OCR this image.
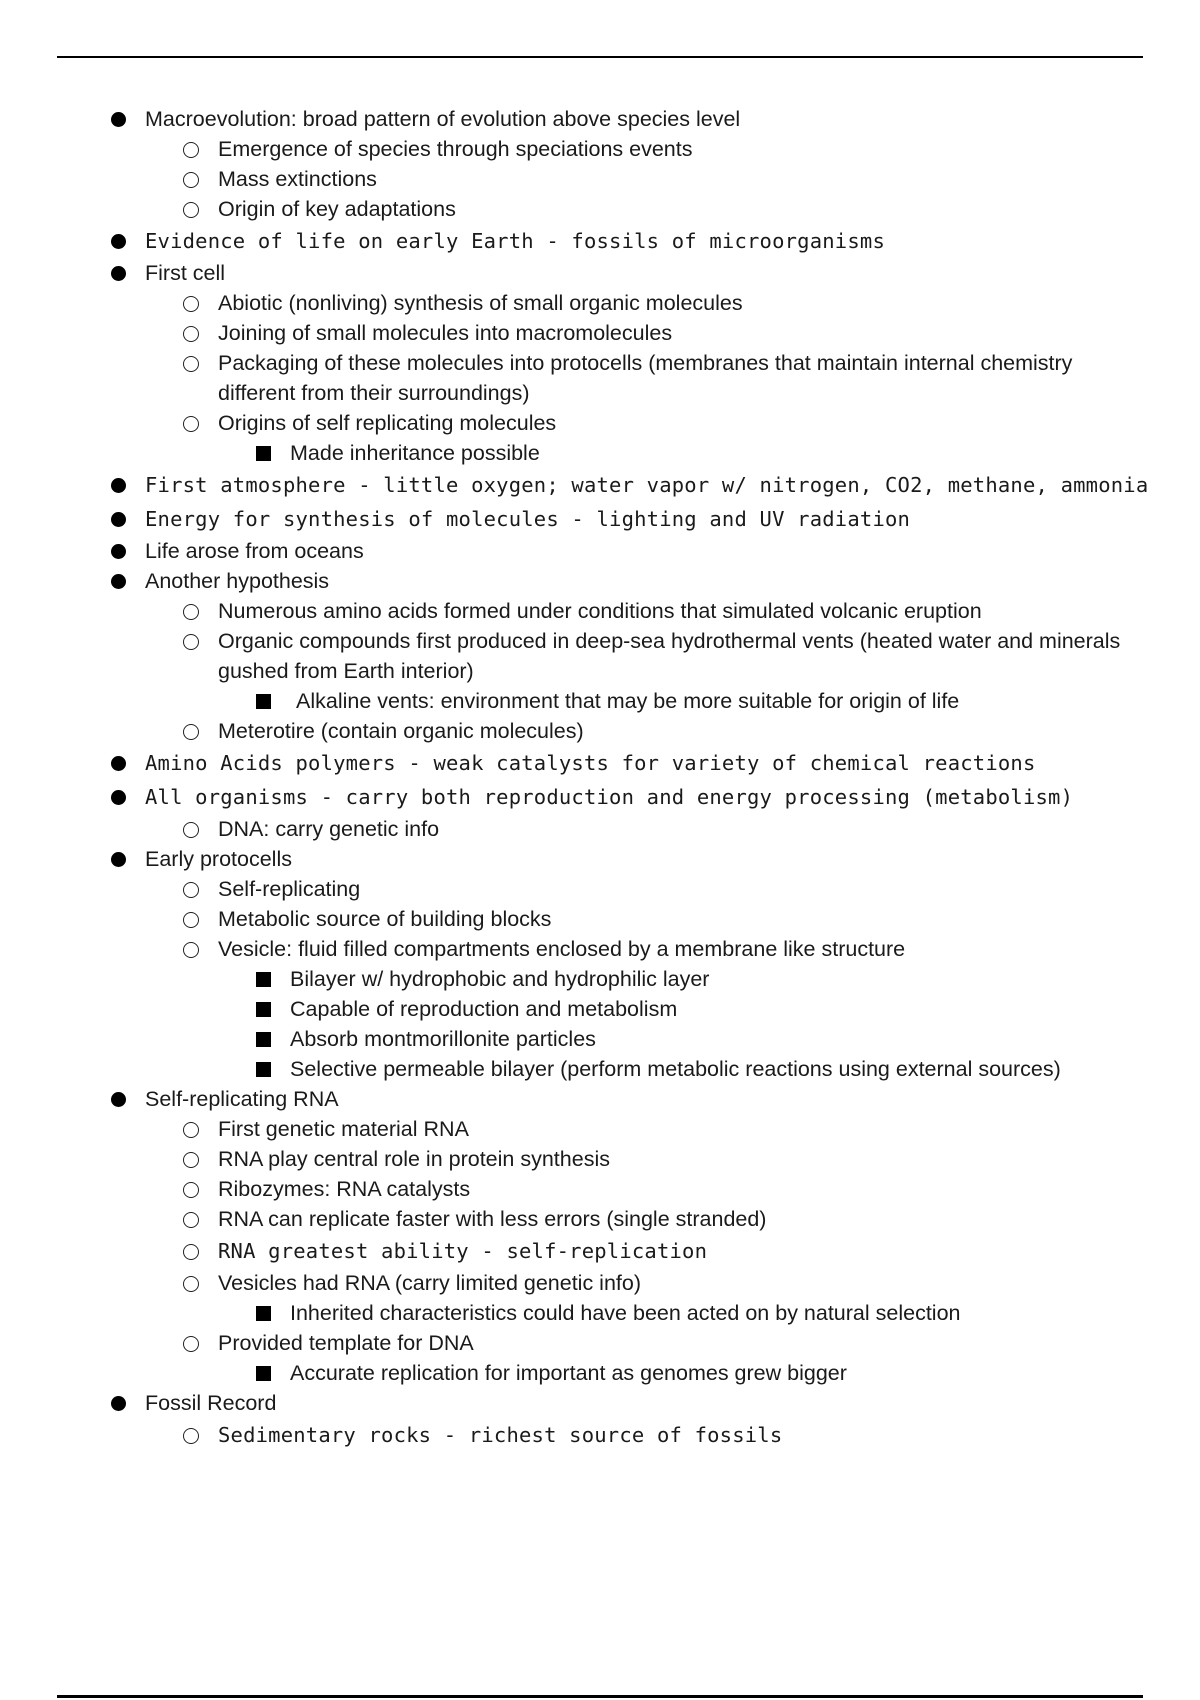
Macroevolution: broad pattern of evolution above species level
Emergence of species through speciations events
Mass extinctions
Origin of key adaptations
Evidence of life on early Earth - fossils of microorganisms
First cell
Abiotic (nonliving) synthesis of small organic molecules
Joining of small molecules into macromolecules
Packaging of these molecules into protocells (membranes that maintain internal chemistry different from their surroundings)
Origins of self replicating molecules
Made inheritance possible
First atmosphere - little oxygen; water vapor w/ nitrogen, CO2, methane, ammonia
Energy for synthesis of molecules - lighting and UV radiation
Life arose from oceans
Another hypothesis
Numerous amino acids formed under conditions that simulated volcanic eruption
Organic compounds first produced in deep-sea hydrothermal vents (heated water and minerals gushed from Earth interior)
Alkaline vents: environment that may be more suitable for origin of life
Meterotire (contain organic molecules)
Amino Acids polymers - weak catalysts for variety of chemical reactions
All organisms - carry both reproduction and energy processing (metabolism)
DNA: carry genetic info
Early protocells
Self-replicating
Metabolic source of building blocks
Vesicle: fluid filled compartments enclosed by a membrane like structure
Bilayer w/ hydrophobic and hydrophilic layer
Capable of reproduction and metabolism
Absorb montmorillonite particles
Selective permeable bilayer (perform metabolic reactions using external sources)
Self-replicating RNA
First genetic material RNA
RNA play central role in protein synthesis
Ribozymes: RNA catalysts
RNA can replicate faster with less errors (single stranded)
RNA greatest ability - self-replication
Vesicles had RNA (carry limited genetic info)
Inherited characteristics could have been acted on by natural selection
Provided template for DNA
Accurate replication for important as genomes grew bigger
Fossil Record
Sedimentary rocks - richest source of fossils
